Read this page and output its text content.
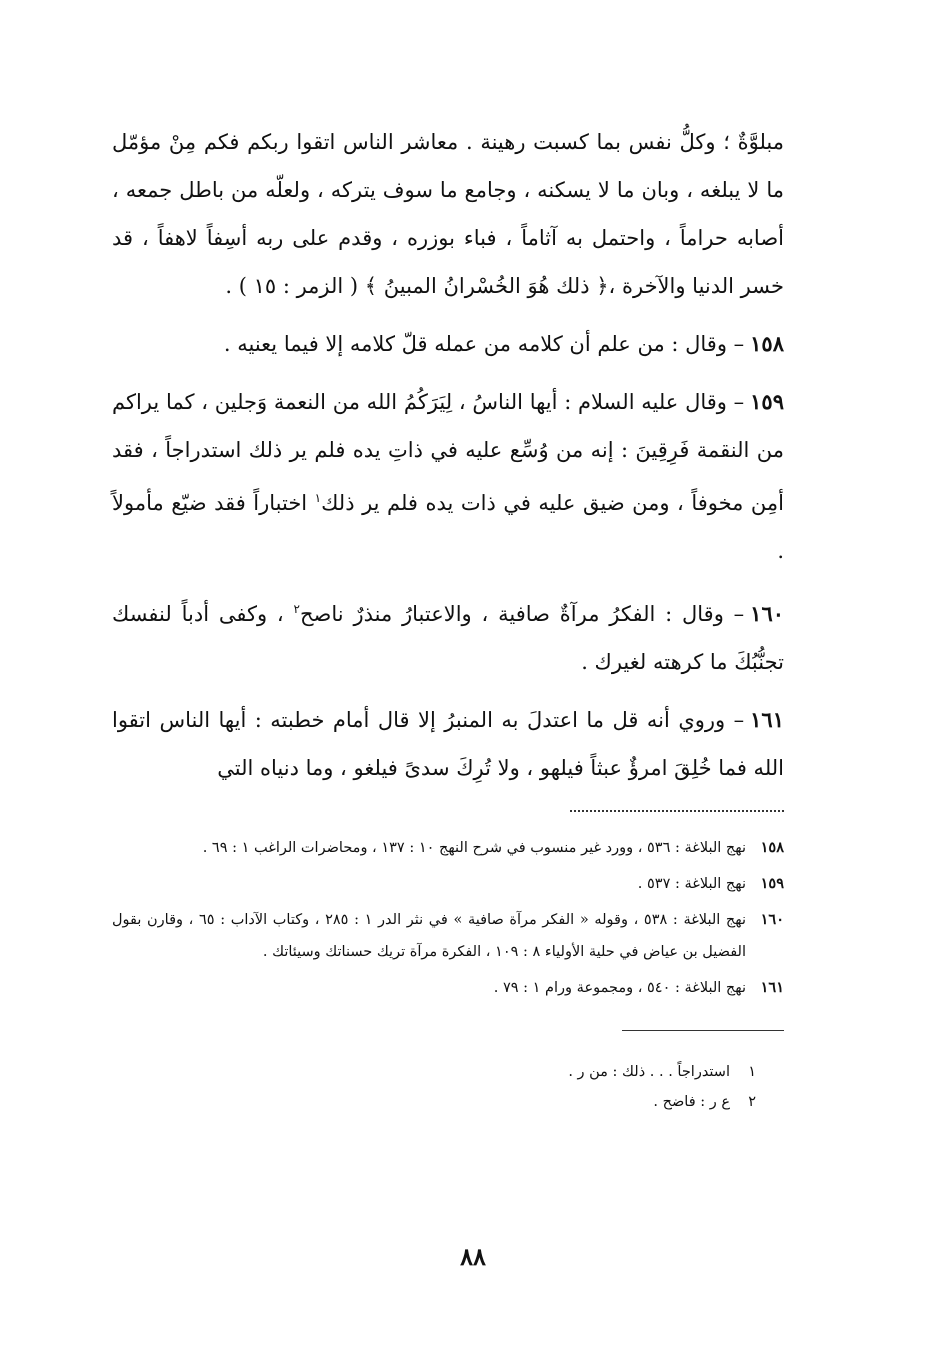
مبلوَّةٌ ؛ وكلُّ نفس بما كسبت رهينة . معاشر الناس اتقوا ربكم فكم مِنْ مؤمّل ما لا يبلغه ، وبان ما لا يسكنه ، وجامع ما سوف يتركه ، ولعلّه من باطل جمعه ، أصابه حراماً ، واحتمل به آثاماً ، فباء بوزره ، وقدم على ربه أسِفاً لاهفاً ، قد خسر الدنيا والآخرة ،﴿ ذلك هُوَ الخُسْرانُ المبينُ ﴾ ( الزمر : ١٥ ) .

١٥٨– وقال : من علم أن كلامه من عمله قلّ كلامه إلا فيما يعنيه .

١٥٩– وقال عليه السلام : أيها الناسُ ، لِيَرَكُمُ الله من النعمة وَجلين ، كما يراكم من النقمة فَرِقِينَ : إنه من وُسِّع عليه في ذاتِ يده فلم ير ذلك استدراجاً ، فقد أمِن مخوفاً ، ومن ضيق عليه في ذات يده فلم ير ذلك$^١$ اختباراً فقد ضيّع مأمولاً .

١٦٠– وقال : الفكرُ مرآةٌ صافية ، والاعتبارُ منذرٌ ناصح$^٢$ ، وكفى أدباً لنفسك تجنُّبُكَ ما كرهته لغيرك .

١٦١– وروي أنه قل ما اعتدلَ به المنبرُ إلا قال أمام خطبته : أيها الناس اتقوا الله فما خُلِقَ امرؤٌ عبثاً فيلهو ، ولا تُرِكَ سدىً فيلغو ، وما دنياه التي

١٥٨
نهج البلاغة : ٥٣٦ ، وورد غير منسوب في شرح النهج ١٠ : ١٣٧ ، ومحاضرات الراغب ١ : ٦٩ .
١٥٩
نهج البلاغة : ٥٣٧ .
١٦٠
نهج البلاغة : ٥٣٨ ، وقوله « الفكر مرآة صافية » في نثر الدر ١ : ٢٨٥ ، وكتاب الآداب : ٦٥ ، وقارن بقول الفضيل بن عياض في حلية الأولياء ٨ : ١٠٩ ، الفكرة مرآة تريك حسناتك وسيئاتك .
١٦١
نهج البلاغة : ٥٤٠ ، ومجموعة ورام ١ : ٧٩ .
١
استدراجاً . . . ذلك : من ر .
٢
ع ر : فاضح .
٨٨
